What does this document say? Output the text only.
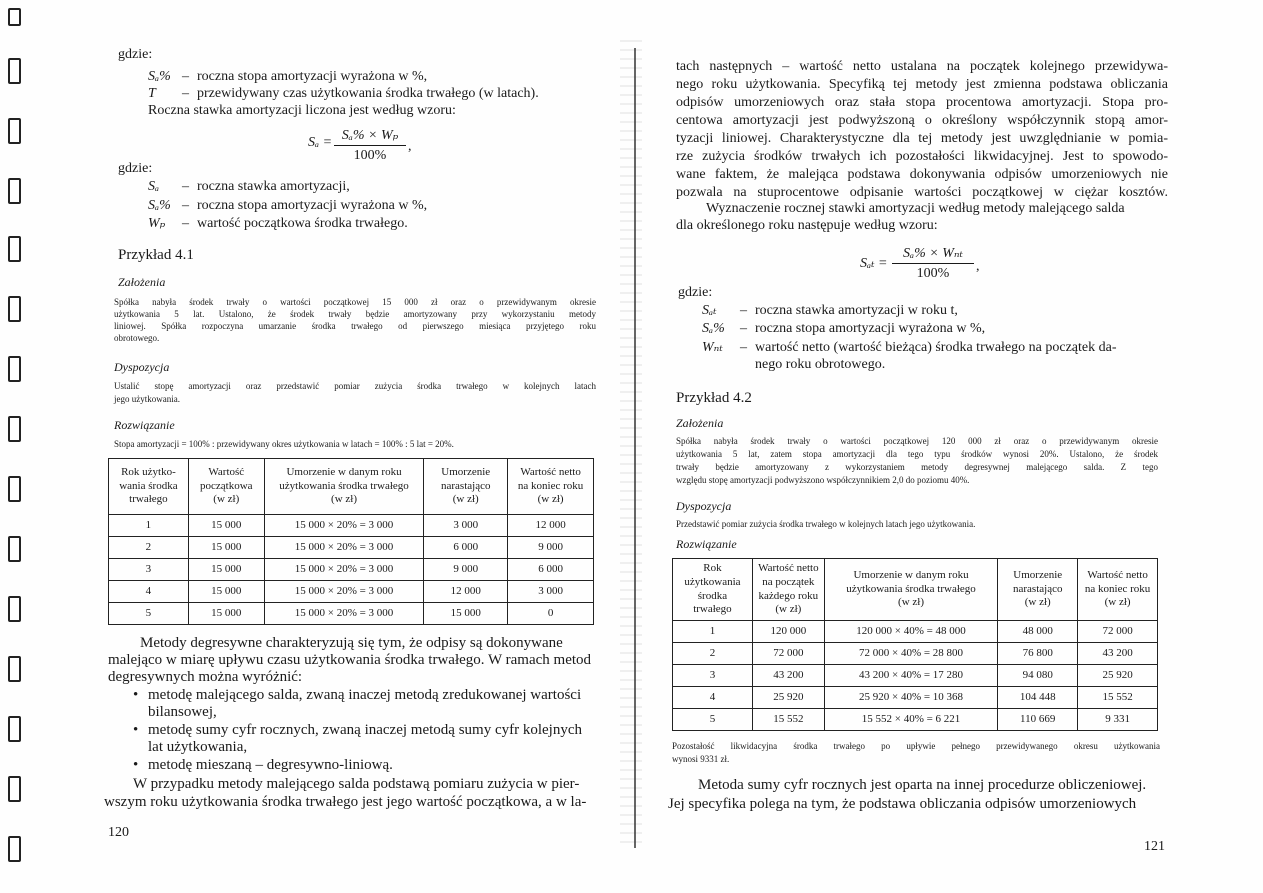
gdzie:
Sₐ% – roczna stopa amortyzacji wyrażona w %,
T – przewidywany czas użytkowania środka trwałego (w latach).
Roczna stawka amortyzacji liczona jest według wzoru:
$S_a = \frac{\text{Sₐ\% × Wₚ}}{100\%}$ ,
gdzie:
Sₐ – roczna stawka amortyzacji,
Sₐ% – roczna stopa amortyzacji wyrażona w %,
Wₚ – wartość początkowa środka trwałego.
Przykład 4.1
Założenia
Spółka nabyła środek trwały o wartości początkowej 15 000 zł oraz o przewidywanym okresie
użytkowania 5 lat. Ustalono, że środek trwały będzie amortyzowany przy wykorzystaniu metody
liniowej. Spółka rozpoczyna umarzanie środka trwałego od pierwszego miesiąca przyjętego roku
obrotowego.
Dyspozycja
Ustalić stopę amortyzacji oraz przedstawić pomiar zużycia środka trwałego w kolejnych latach
jego użytkowania.
Rozwiązanie
Stopa amortyzacji = 100% : przewidywany okres użytkowania w latach = 100% : 5 lat = 20%.
Rok użytko-
wania środka
trwałego	Wartość
początkowa
(w zł)	Umorzenie w danym roku
użytkowania środka trwałego
(w zł)	Umorzenie
narastająco
(w zł)	Wartość netto
na koniec roku
(w zł)
1	15 000	15 000 × 20% = 3 000	3 000	12 000
2	15 000	15 000 × 20% = 3 000	6 000	9 000
3	15 000	15 000 × 20% = 3 000	9 000	6 000
4	15 000	15 000 × 20% = 3 000	12 000	3 000
5	15 000	15 000 × 20% = 3 000	15 000	0
Metody degresywne charakteryzują się tym, że odpisy są dokonywane
malejąco w miarę upływu czasu użytkowania środka trwałego. W ramach metod
degresywnych można wyróżnić:
• metodę malejącego salda, zwaną inaczej metodą zredukowanej wartości
bilansowej,
• metodę sumy cyfr rocznych, zwaną inaczej metodą sumy cyfr kolejnych
lat użytkowania,
• metodę mieszaną – degresywno-liniową.
W przypadku metody malejącego salda podstawą pomiaru zużycia w pier-
wszym roku użytkowania środka trwałego jest jego wartość początkowa, a w la-
120
tach następnych – wartość netto ustalana na początek kolejnego przewidywa-
nego roku użytkowania. Specyfiką tej metody jest zmienna podstawa obliczania
odpisów umorzeniowych oraz stała stopa procentowa amortyzacji. Stopa pro-
centowa amortyzacji jest podwyższoną o określony współczynnik stopą amor-
tyzacji liniowej. Charakterystyczne dla tej metody jest uwzględnianie w pomia-
rze zużycia środków trwałych ich pozostałości likwidacyjnej. Jest to spowodo-
wane faktem, że malejąca podstawa dokonywania odpisów umorzeniowych nie
pozwala na stuprocentowe odpisanie wartości początkowej w ciężar kosztów.
Wyznaczenie rocznej stawki amortyzacji według metody malejącego salda
dla określonego roku następuje według wzoru:
Sₐₜ =
Sₐ% × Wₙₜ
100%	,
gdzie:
Sₐₜ – roczna stawka amortyzacji w roku t,
Sₐ% – roczna stopa amortyzacji wyrażona w %,
Wₙₜ – wartość netto (wartość bieżąca) środka trwałego na początek da-
nego roku obrotowego.
Przykład 4.2
Założenia
Spółka nabyła środek trwały o wartości początkowej 120 000 zł oraz o przewidywanym okresie
użytkowania 5 lat, zatem stopa amortyzacji dla tego typu środków wynosi 20%. Ustalono, że środek
trwały będzie amortyzowany z wykorzystaniem metody degresywnej malejącego salda. Z tego
względu stopę amortyzacji podwyższono współczynnikiem 2,0 do poziomu 40%.
Dyspozycja
Przedstawić pomiar zużycia środka trwałego w kolejnych latach jego użytkowania.
Rozwiązanie
Rok
użytkowania
środka
trwałego	Wartość netto
na początek
każdego roku
(w zł)	Umorzenie w danym roku
użytkowania środka trwałego
(w zł)	Umorzenie
narastająco
(w zł)	Wartość netto
na koniec roku
(w zł)
1	120 000	120 000 × 40% = 48 000	48 000	72 000
2	72 000	72 000 × 40% = 28 800	76 800	43 200
3	43 200	43 200 × 40% = 17 280	94 080	25 920
4	25 920	25 920 × 40% = 10 368	104 448	15 552
5	15 552	15 552 × 40% = 6 221	110 669	9 331
Pozostałość likwidacyjna środka trwałego po upływie pełnego przewidywanego okresu użytkowania
wynosi 9331 zł.
Metoda sumy cyfr rocznych jest oparta na innej procedurze obliczeniowej.
Jej specyfika polega na tym, że podstawa obliczania odpisów umorzeniowych
121
